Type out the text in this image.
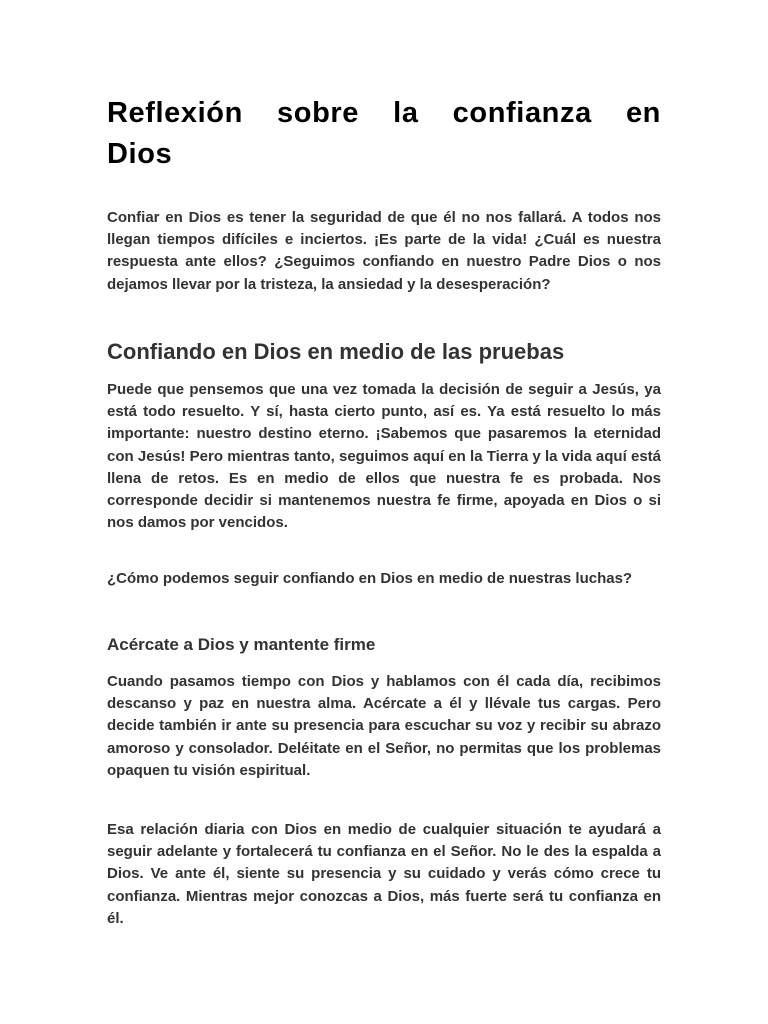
Reflexión sobre la confianza en Dios

Confiar en Dios es tener la seguridad de que él no nos fallará. A todos nos llegan tiempos difíciles e inciertos. ¡Es parte de la vida! ¿Cuál es nuestra respuesta ante ellos? ¿Seguimos confiando en nuestro Padre Dios o nos dejamos llevar por la tristeza, la ansiedad y la desesperación?

Confiando en Dios en medio de las pruebas

Puede que pensemos que una vez tomada la decisión de seguir a Jesús, ya está todo resuelto. Y sí, hasta cierto punto, así es. Ya está resuelto lo más importante: nuestro destino eterno. ¡Sabemos que pasaremos la eternidad con Jesús! Pero mientras tanto, seguimos aquí en la Tierra y la vida aquí está llena de retos. Es en medio de ellos que nuestra fe es probada. Nos corresponde decidir si mantenemos nuestra fe firme, apoyada en Dios o si nos damos por vencidos.

¿Cómo podemos seguir confiando en Dios en medio de nuestras luchas?

Acércate a Dios y mantente firme

Cuando pasamos tiempo con Dios y hablamos con él cada día, recibimos descanso y paz en nuestra alma. Acércate a él y llévale tus cargas. Pero decide también ir ante su presencia para escuchar su voz y recibir su abrazo amoroso y consolador. Deléitate en el Señor, no permitas que los problemas opaquen tu visión espiritual.

Esa relación diaria con Dios en medio de cualquier situación te ayudará a seguir adelante y fortalecerá tu confianza en el Señor. No le des la espalda a Dios. Ve ante él, siente su presencia y su cuidado y verás cómo crece tu confianza. Mientras mejor conozcas a Dios, más fuerte será tu confianza en él.
